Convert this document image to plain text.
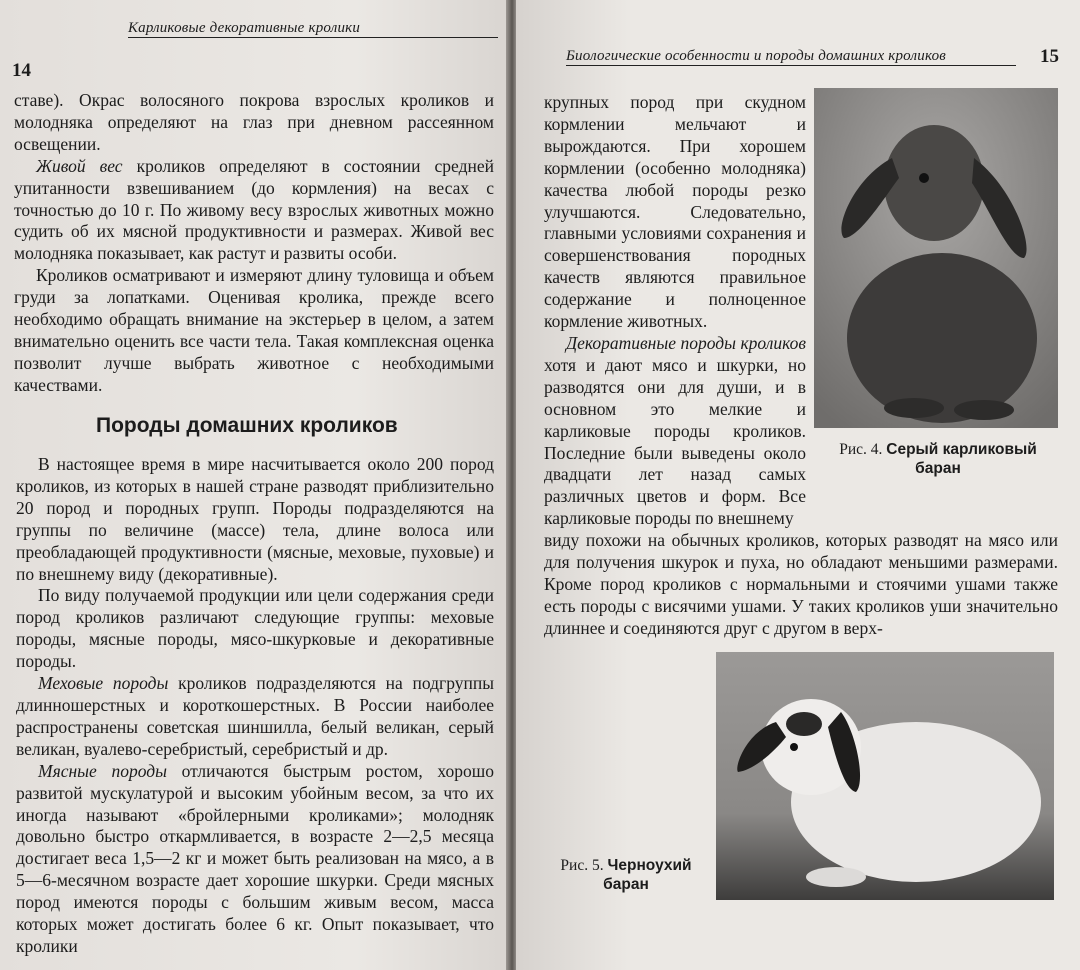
14
Карликовые декоративные кролики

ставе). Окрас волосяного покрова взрослых кроликов и молодняка определяют на глаз при дневном рассеянном освещении.

Живой вес кроликов определяют в состоянии средней упитанности взвешиванием (до кормления) на весах с точностью до 10 г. По живому весу взрослых животных можно судить об их мясной продуктивности и размерах. Живой вес молодняка показывает, как растут и развиты особи.

Кроликов осматривают и измеряют длину туловища и объем груди за лопатками. Оценивая кролика, прежде всего необходимо обращать внимание на экстерьер в целом, а затем внимательно оценить все части тела. Такая комплексная оценка позволит лучше выбрать животное с необходимыми качествами.

Породы домашних кроликов

В настоящее время в мире насчитывается около 200 пород кроликов, из которых в нашей стране разводят приблизительно 20 пород и породных групп. Породы подразделяются на группы по величине (массе) тела, длине волоса или преобладающей продуктивности (мясные, меховые, пуховые) и по внешнему виду (декоративные).

По виду получаемой продукции или цели содержания среди пород кроликов различают следующие группы: меховые породы, мясные породы, мясо-шкурковые и декоративные породы.

Меховые породы кроликов подразделяются на подгруппы длинношерстных и короткошерстных. В России наиболее распространены советская шиншилла, белый великан, серый великан, вуалево-серебристый, серебристый и др.

Мясные породы отличаются быстрым ростом, хорошо развитой мускулатурой и высоким убойным весом, за что их иногда называют «бройлерными кроликами»; молодняк довольно быстро откармливается, в возрасте 2—2,5 месяца достигает веса 1,5—2 кг и может быть реализован на мясо, а в 5—6-месячном возрасте дает хорошие шкурки. Среди мясных пород имеются породы с большим живым весом, масса которых может достигать более 6 кг. Опыт показывает, что кролики

Биологические особенности и породы домашних кроликов	15

крупных пород при скудном кормлении мельчают и вырождаются. При хорошем кормлении (особенно молодняка) качества любой породы резко улучшаются. Следовательно, главными условиями сохранения и совершенствования породных качеств являются правильное содержание и полноценное кормление животных.

Декоративные породы кроликов хотя и дают мясо и шкурки, но разводятся они для души, и в основном это мелкие и карликовые породы кроликов. Последние были выведены около двадцати лет назад самых различных цветов и форм. Все карликовые породы по внешнему

виду похожи на обычных кроликов, которых разводят на мясо или для получения шкурок и пуха, но обладают меньшими размерами. Кроме пород кроликов с нормальными и стоячими ушами также есть породы с висячими ушами. У таких кроликов уши значительно длиннее и соединяются друг с другом в верх-

Рис. 4. Серый карликовый баран
Рис. 5. Черноухий баран
